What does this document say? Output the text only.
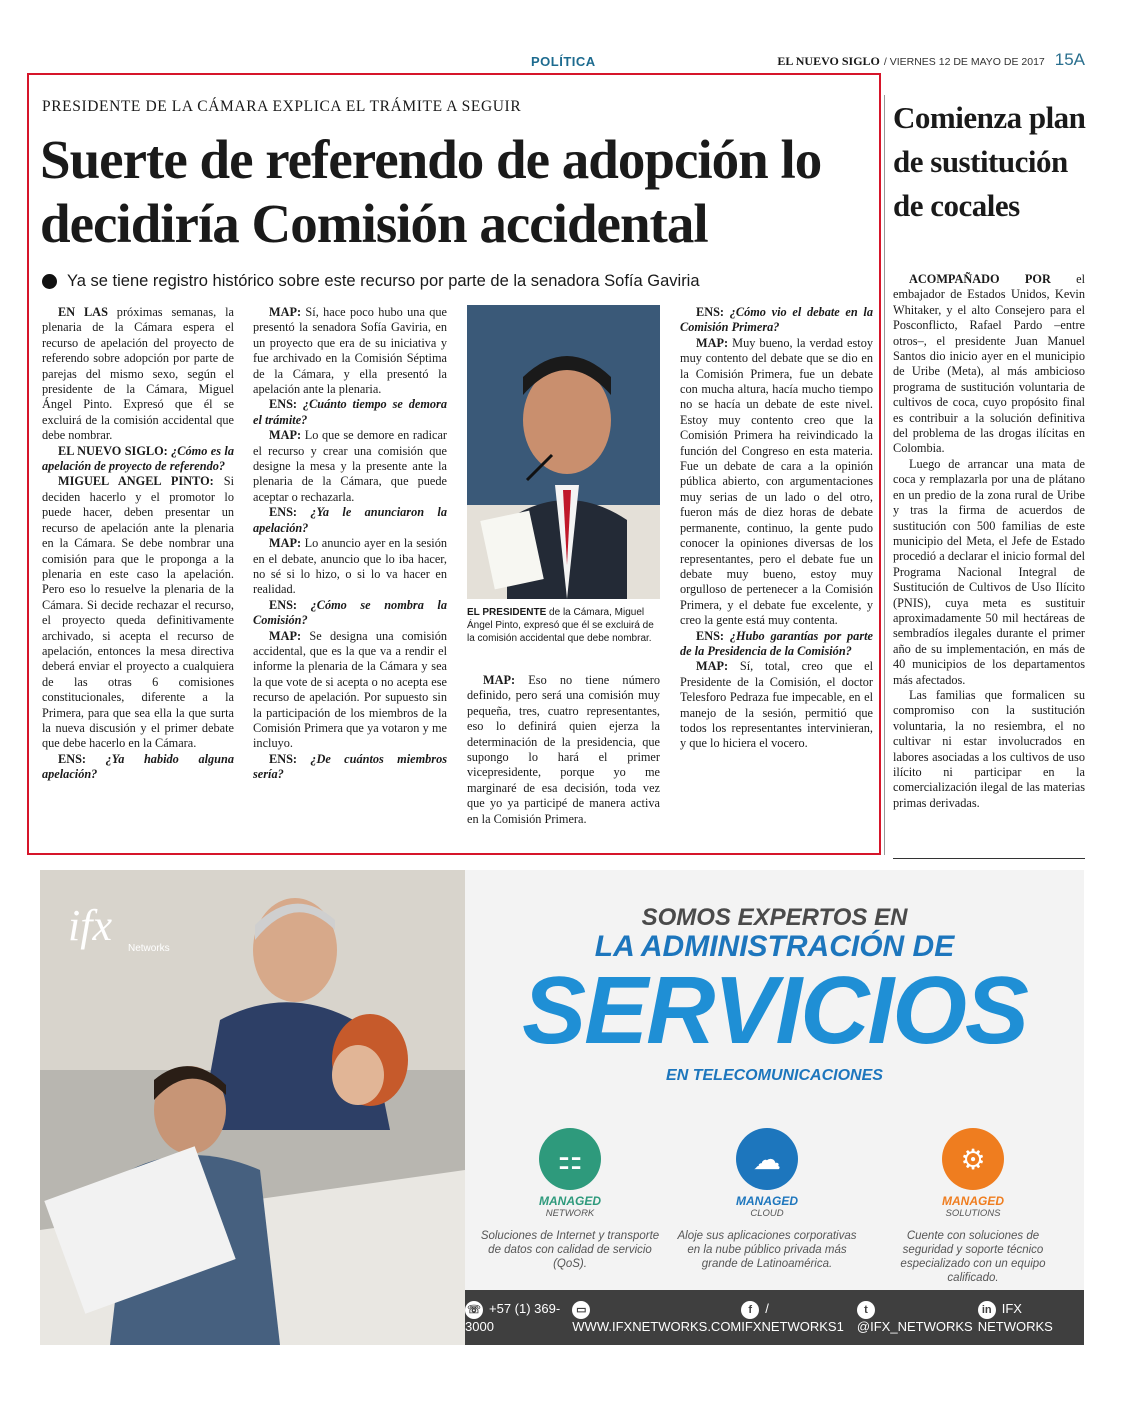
POLÍTICA	EL NUEVO SIGLO / VIERNES 12 DE MAYO DE 2017 15A
PRESIDENTE DE LA CÁMARA EXPLICA EL TRÁMITE A SEGUIR
Suerte de referendo de adopción lo decidiría Comisión accidental
Ya se tiene registro histórico sobre este recurso por parte de la senadora Sofía Gaviria

EN LAS próximas semanas, la plenaria de la Cámara espera el recurso de apelación del proyecto de referendo sobre adopción por parte de parejas del mismo sexo, según el presidente de la Cámara, Miguel Ángel Pinto. Expresó que él se excluirá de la comisión accidental que debe nombrar.

EL NUEVO SIGLO: ¿Cómo es la apelación de proyecto de referendo?

MIGUEL ANGEL PINTO: Si deciden hacerlo y el promotor lo puede hacer, deben presentar un recurso de apelación ante la plenaria en la Cámara. Se debe nombrar una comisión para que le proponga a la plenaria en este caso la apelación. Pero eso lo resuelve la plenaria de la Cámara. Si decide rechazar el recurso, el proyecto queda definitivamente archivado, si acepta el recurso de apelación, entonces la mesa directiva deberá enviar el proyecto a cualquiera de las otras 6 comisiones constitucionales, diferente a la Primera, para que sea ella la que surta la nueva discusión y el primer debate que debe hacerlo en la Cámara.

ENS: ¿Ya habido alguna apelación?

MAP: Sí, hace poco hubo una que presentó la senadora Sofía Gaviria, en un proyecto que era de su iniciativa y fue archivado en la Comisión Séptima de la Cámara, y ella presentó la apelación ante la plenaria.

ENS: ¿Cuánto tiempo se demora el trámite?

MAP: Lo que se demore en radicar el recurso y crear una comisión que designe la mesa y la presente ante la plenaria de la Cámara, que puede aceptar o rechazarla.

ENS: ¿Ya le anunciaron la apelación?

MAP: Lo anuncio ayer en la sesión en el debate, anuncio que lo iba hacer, no sé si lo hizo, o si lo va hacer en realidad.

ENS: ¿Cómo se nombra la Comisión?

MAP: Se designa una comisión accidental, que es la que va a rendir el informe la plenaria de la Cámara y sea la que vote de si acepta o no acepta ese recurso de apelación. Por supuesto sin la participación de los miembros de la Comisión Primera que ya votaron y me incluyo.

ENS: ¿De cuántos miembros sería?

EL PRESIDENTE de la Cámara, Miguel Ángel Pinto, expresó que él se excluirá de la comisión accidental que debe nombrar.

MAP: Eso no tiene número definido, pero será una comisión muy pequeña, tres, cuatro representantes, eso lo definirá quien ejerza la determinación de la presidencia, que supongo lo hará el primer vicepresidente, porque yo me marginaré de esa decisión, toda vez que yo ya participé de manera activa en la Comisión Primera.

ENS: ¿Cómo vio el debate en la Comisión Primera?

MAP: Muy bueno, la verdad estoy muy contento del debate que se dio en la Comisión Primera, fue un debate con mucha altura, hacía mucho tiempo no se hacía un debate de este nivel. Estoy muy contento creo que la Comisión Primera ha reivindicado la función del Congreso en esta materia. Fue un debate de cara a la opinión pública abierto, con argumentaciones muy serias de un lado o del otro, fueron más de diez horas de debate permanente, continuo, la gente pudo conocer la opiniones diversas de los representantes, pero el debate fue un debate muy bueno, estoy muy orgulloso de pertenecer a la Comisión Primera, y el debate fue excelente, y creo la gente está muy contenta.

ENS: ¿Hubo garantías por parte de la Presidencia de la Comisión?

MAP: Sí, total, creo que el Presidente de la Comisión, el doctor Telesforo Pedraza fue impecable, en el manejo de la sesión, permitió que todos los representantes intervinieran, y que lo hiciera el vocero.

Comienza plan de sustitución de cocales

ACOMPAÑADO POR el embajador de Estados Unidos, Kevin Whitaker, y el alto Consejero para el Posconflicto, Rafael Pardo –entre otros–, el presidente Juan Manuel Santos dio inicio ayer en el municipio de Uribe (Meta), al más ambicioso programa de sustitución voluntaria de cultivos de coca, cuyo propósito final es contribuir a la solución definitiva del problema de las drogas ilícitas en Colombia.

Luego de arrancar una mata de coca y remplazarla por una de plátano en un predio de la zona rural de Uribe y tras la firma de acuerdos de sustitución con 500 familias de este municipio del Meta, el Jefe de Estado procedió a declarar el inicio formal del Programa Nacional Integral de Sustitución de Cultivos de Uso Ilícito (PNIS), cuya meta es sustituir aproximadamente 50 mil hectáreas de sembradíos ilegales durante el primer año de su implementación, en más de 40 municipios de los departamentos más afectados.

Las familias que formalicen su compromiso con la sustitución voluntaria, la no resiembra, el no cultivar ni estar involucrados en labores asociadas a los cultivos de uso ilícito ni participar en la comercialización ilegal de las materias primas derivadas.

ifx Networks
SOMOS EXPERTOS EN
LA ADMINISTRACIÓN DE
SERVICIOS
EN TELECOMUNICACIONES
⚏
MANAGED
NETWORK
Soluciones de Internet y transporte de datos con calidad de servicio (QoS).
☁
MANAGED
CLOUD
Aloje sus aplicaciones corporativas en la nube público privada más grande de Latinoamérica.
⚙
MANAGED
SOLUTIONS
Cuente con soluciones de seguridad y soporte técnico especializado con un equipo calificado.
☏ +57 (1) 369-3000
▭WWW.IFXNETWORKS.COM
f / IFXNETWORKS1
t@IFX_NETWORKS
in IFX NETWORKS
